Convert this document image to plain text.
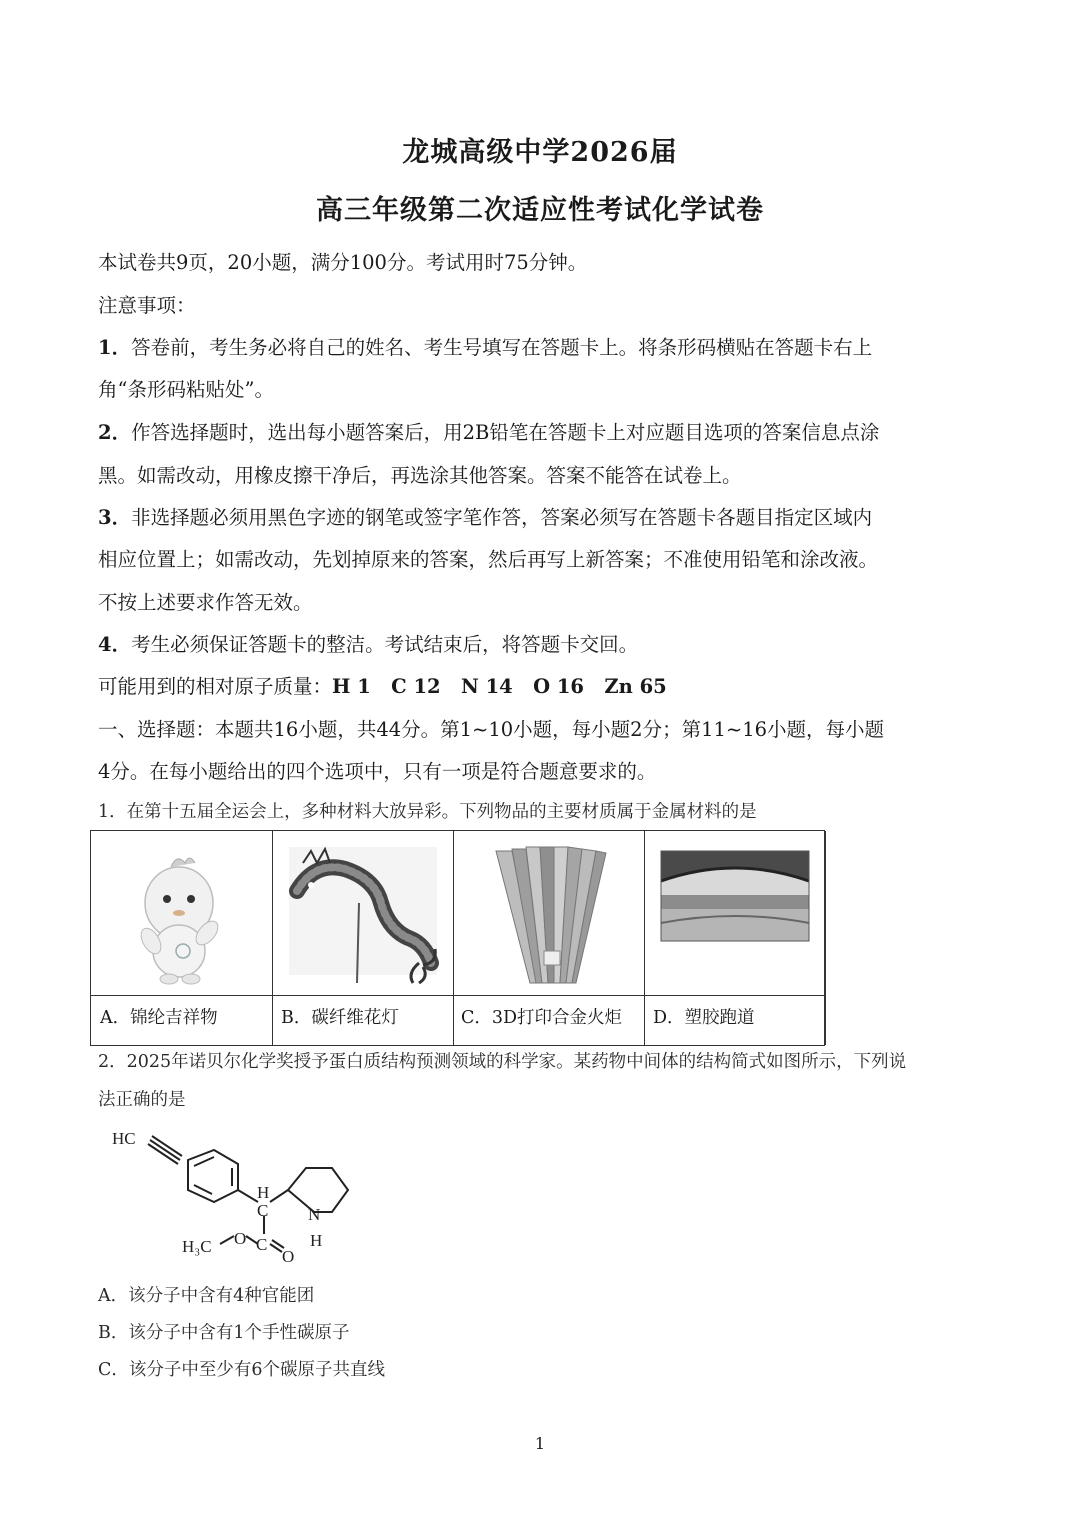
龙城高级中学2026届
高三年级第二次适应性考试化学试卷
本试卷共9页，20小题，满分100分。考试用时75分钟。
注意事项：
1．答卷前，考生务必将自己的姓名、考生号填写在答题卡上。将条形码横贴在答题卡右上
角“条形码粘贴处”。
2．作答选择题时，选出每小题答案后，用2B铅笔在答题卡上对应题目选项的答案信息点涂
黑。如需改动，用橡皮擦干净后，再选涂其他答案。答案不能答在试卷上。
3．非选择题必须用黑色字迹的钢笔或签字笔作答，答案必须写在答题卡各题目指定区域内
相应位置上；如需改动，先划掉原来的答案，然后再写上新答案；不准使用铅笔和涂改液。
不按上述要求作答无效。
4．考生必须保证答题卡的整洁。考试结束后，将答题卡交回。
可能用到的相对原子质量：H 1   C 12   N 14   O 16   Zn 65
一、选择题：本题共16小题，共44分。第1~10小题，每小题2分；第11~16小题，每小题
4分。在每小题给出的四个选项中，只有一项是符合题意要求的。
1．在第十五届全运会上，多种材料大放异彩。下列物品的主要材质属于金属材料的是
A．锦纶吉祥物	B．碳纤维花灯	C．3D打印合金火炬 D．塑胶跑道
2．2025年诺贝尔化学奖授予蛋白质结构预测领域的科学家。某药物中间体的结构简式如图所示，下列说
法正确的是
HC
H
C N
H
H₃C O C
O
A．该分子中含有4种官能团
B．该分子中含有1个手性碳原子
C．该分子中至少有6个碳原子共直线
1
